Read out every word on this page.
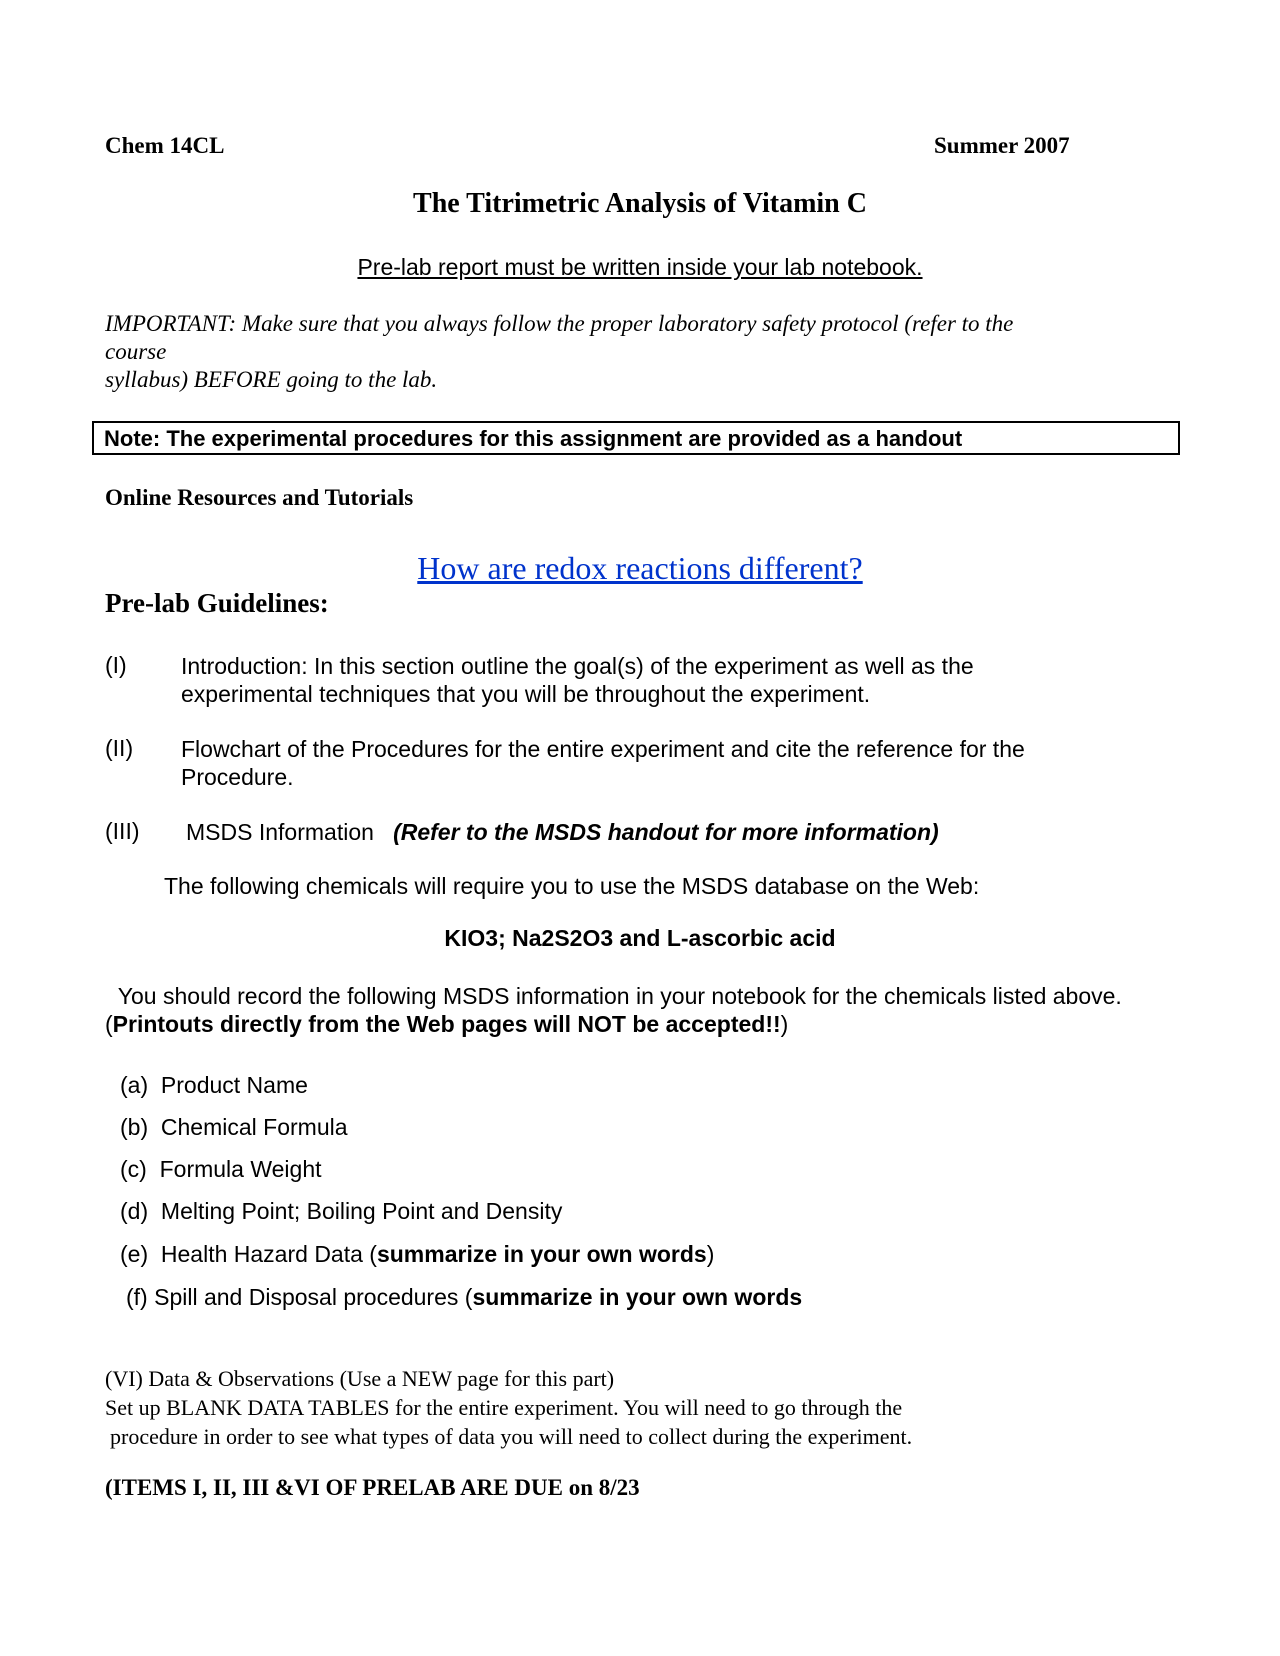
Chem 14CL	Summer 2007
The Titrimetric Analysis of Vitamin C
Pre-lab report must be written inside your lab notebook.
IMPORTANT: Make sure that you always follow the proper laboratory safety protocol (refer to the
course
syllabus) BEFORE going to the lab.
Note: The experimental procedures for this assignment are provided as a handout
Online Resources and Tutorials
How are redox reactions different?
Pre-lab Guidelines:
(I) Introduction: In this section outline the goal(s) of the experiment as well as the
experimental techniques that you will be throughout the experiment.
(II) Flowchart of the Procedures for the entire experiment and cite the reference for the
Procedure.
(III) MSDS Information (Refer to the MSDS handout for more information)
The following chemicals will require you to use the MSDS database on the Web:
KIO3; Na2S2O3 and L-ascorbic acid
You should record the following MSDS information in your notebook for the chemicals listed above. (Printouts directly from the Web pages will NOT be accepted!!)
(a) Product Name
(b) Chemical Formula
(c) Formula Weight
(d) Melting Point; Boiling Point and Density
(e) Health Hazard Data (summarize in your own words)
(f) Spill and Disposal procedures (summarize in your own words
(VI) Data & Observations (Use a NEW page for this part)
Set up BLANK DATA TABLES for the entire experiment. You will need to go through the
procedure in order to see what types of data you will need to collect during the experiment.
(ITEMS I, II, III &VI OF PRELAB ARE DUE on 8/23
